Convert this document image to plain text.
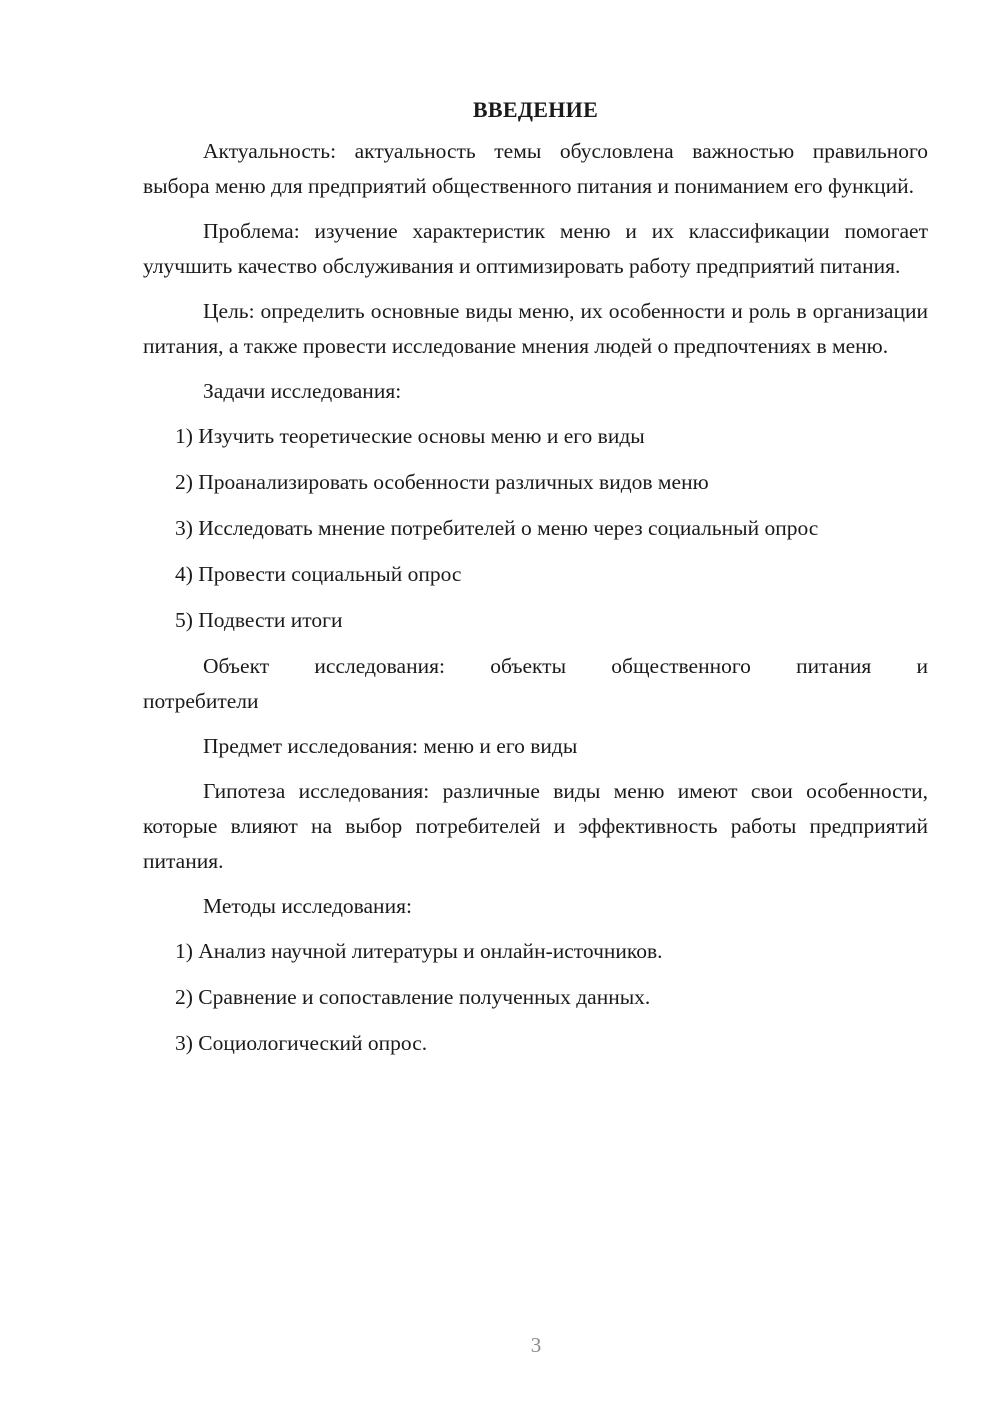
ВВЕДЕНИЕ

Актуальность: актуальность темы обусловлена важностью правильного выбора меню для предприятий общественного питания и пониманием его функций.

Проблема: изучение характеристик меню и их классификации помогает улучшить качество обслуживания и оптимизировать работу предприятий питания.

Цель: определить основные виды меню, их особенности и роль в организации питания, а также провести исследование мнения людей о предпочтениях в меню.

Задачи исследования:

1) Изучить теоретические основы меню и его виды
2) Проанализировать особенности различных видов меню
3) Исследовать мнение потребителей о меню через социальный опрос
4) Провести социальный опрос
5) Подвести итоги
Объект исследования: объекты общественного питания и
потребители

Предмет исследования: меню и его виды

Гипотеза исследования: различные виды меню имеют свои особенности, которые влияют на выбор потребителей и эффективность работы предприятий питания.

Методы исследования:

1) Анализ научной литературы и онлайн-источников.
2) Сравнение и сопоставление полученных данных.
3) Социологический опрос.
3
